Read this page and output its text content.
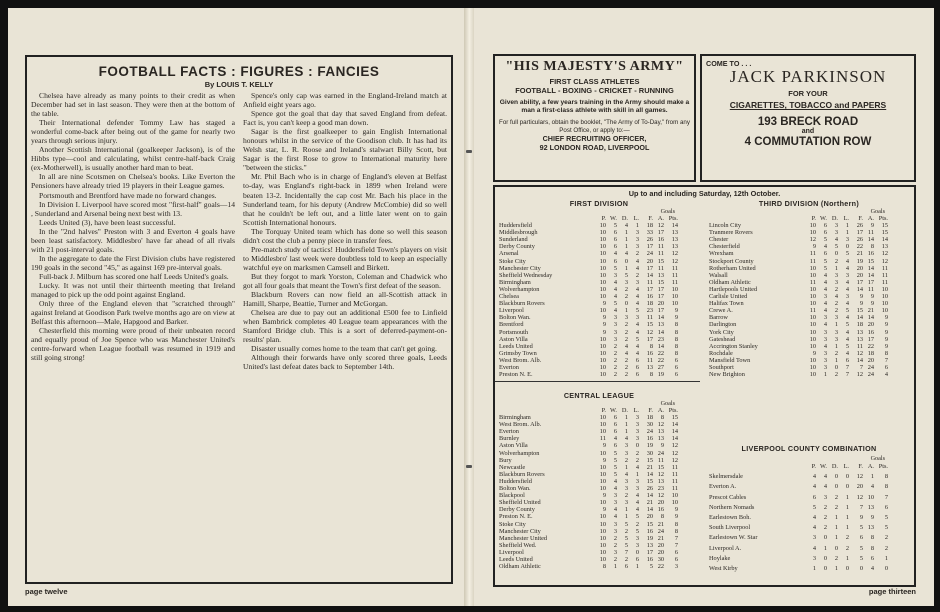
FOOTBALL FACTS : FIGURES : FANCIES
By LOUIS T. KELLY

Chelsea have already as many points to their credit as when December had set in last season. They were then at the bottom of the table.

Their International defender Tommy Law has staged a wonderful come-back after being out of the game for nearly two years through serious injury.

Another Scottish International (goalkeeper Jackson), is of the Hibbs type—cool and calculating, whilst centre-half-back Craig (ex-Motherwell), is usually another hard man to beat.

In all are nine Scotsmen on Chelsea's books. Like Everton the Pensioners have already tried 19 players in their League games.

Portsmouth and Brentford have made no forward changes.

In Division I. Liverpool have scored most "first-half" goals—14 , Sunderland and Arsenal being next best with 13.

Leeds United (3), have been least successful.

In the "2nd halves" Preston with 3 and Everton 4 goals have been least satisfactory. Middlesbro' have far ahead of all rivals with 21 post-interval goals.

In the aggregate to date the First Division clubs have registered 190 goals in the second "45," as against 169 pre-interval goals.

Full-back J. Milburn has scored one half Leeds United's goals.

Lucky. It was not until their thirteenth meeting that Ireland managed to pick up the odd point against England.

Only three of the England eleven that "scratched through" against Ireland at Goodison Park twelve months ago are on view at Belfast this afternoon—Male, Hapgood and Barker.

Chesterfield this morning were proud of their unbeaten record and equally proud of Joe Spence who was Manchester United's centre-forward when League football was resumed in 1919 and still going strong!

Spence's only cap was earned in the England-Ireland match at Anfield eight years ago.

Spence got the goal that day that saved England from defeat. Fact is, you can't keep a good man down.

Sagar is the first goalkeeper to gain English International honours whilst in the service of the Goodison club. It has had its Welsh star, L. R. Roose and Ireland's stalwart Billy Scott, but Sagar is the first Rose to grow to International maturity here "between the sticks."

Mr. Phil Bach who is in charge of England's eleven at Belfast to-day, was England's right-back in 1899 when Ireland were beaten 13-2. Incidentally the cap cost Mr. Bach his place in the Sunderland team, for his deputy (Andrew McCombie) did so well that he couldn't be left out, and a little later went on to gain Scottish International honours.

The Torquay United team which has done so well this season didn't cost the club a penny piece in transfer fees.

Pre-match study of tactics! Huddersfield Town's players on visit to Middlesbro' last week were doubtless told to keep an especially watchful eye on marksmen Camsell and Birkett.

But they forgot to mark Yorston, Coleman and Chadwick who got all four goals that meant the Town's first defeat of the season.

Blackburn Rovers can now field an all-Scottish attack in Hamill, Sharpe, Beattie, Turner and McGorgan.

Chelsea are due to pay out an additional £500 fee to Linfield when Bambrick completes 40 League team appearances with the Stamford Bridge club. This is a sort of deferred-payment-on-results' plan.

Disaster usually comes home to the team that can't get going.

Although their forwards have only scored three goals, Leeds United's last defeat dates back to September 14th.

page twelve
"HIS MAJESTY'S ARMY"
FIRST CLASS ATHLETES
FOOTBALL - BOXING - CRICKET - RUNNING
Given ability, a few years training in the Army should make a man a first-class athlete with skill in all games.
For full particulars, obtain the booklet, "The Army of To-Day," from any Post Office, or apply to:—
CHIEF RECRUITING OFFICER,
92 LONDON ROAD, LIVERPOOL
COME TO . . .
JACK PARKINSON
FOR YOUR
CIGARETTES, TOBACCO and PAPERS
193 BRECK ROAD
and
4 COMMUTATION ROW
Up to and including Saturday, 12th October.
FIRST DIVISION
Goals
	P.	W.	D.	L.	F.	A.	Pts.
Huddersfield	10	5	4	1	18	12	14
Middlesbrough	10	6	1	3	33	17	13
Sunderland	10	6	1	3	26	16	13
Derby County	10	6	1	3	17	11	13
Arsenal	10	4	4	2	24	11	12
Stoke City	10	6	0	4	20	15	12
Manchester City	10	5	1	4	17	11	11
Sheffield Wednesday	10	3	5	2	14	13	11
Birmingham	10	4	3	3	11	15	11
Wolverhampton	10	4	2	4	17	17	10
Chelsea	10	4	2	4	16	17	10
Blackburn Rovers	9	5	0	4	18	20	10
Liverpool	10	4	1	5	23	17	9
Bolton Wan.	9	3	3	3	11	14	9
Brentford	9	3	2	4	15	13	8
Portsmouth	9	3	2	4	12	14	8
Aston Villa	10	3	2	5	17	23	8
Leeds United	10	2	4	4	8	14	8
Grimsby Town	10	2	4	4	16	22	8
West Brom. Alb.	10	2	2	6	11	22	6
Everton	10	2	2	6	13	27	6
Preston N. E.	10	2	2	6	8	19	6
THIRD DIVISION (Northern)
Goals
	P.	W.	D.	L.	F.	A.	Pts.
Lincoln City	10	6	3	1	26	9	15
Tranmere Rovers	10	6	3	1	17	11	15
Chester	12	5	4	3	26	14	14
Chesterfield	9	4	5	0	22	8	13
Wrexham	11	6	0	5	21	16	12
Stockport County	11	5	2	4	19	15	12
Rotherham United	10	5	1	4	20	14	11
Walsall	10	4	3	3	20	14	11
Oldham Athletic	11	4	3	4	17	17	11
Hartlepools United	10	4	2	4	14	11	10
Carlisle United	10	3	4	3	9	9	10
Halifax Town	10	4	2	4	9	9	10
Crewe A.	11	4	2	5	15	21	10
Barrow	10	3	3	4	14	14	9
Darlington	10	4	1	5	18	20	9
York City	10	3	3	4	13	16	9
Gateshead	10	3	3	4	13	17	9
Accrington Stanley	10	4	1	5	11	22	9
Rochdale	9	3	2	4	12	18	8
Mansfield Town	10	3	1	6	14	20	7
Southport	10	3	0	7	7	24	6
New Brighton	10	1	2	7	12	24	4
CENTRAL LEAGUE
Goals
	P.	W.	D.	L.	F.	A.	Pts.
Birmingham	10	6	1	3	18	8	15
West Brom. Alb.	10	6	1	3	30	12	14
Everton	10	6	1	3	24	13	14
Burnley	11	4	4	3	16	13	14
Aston Villa	9	6	3	0	19	9	12
Wolverhampton	10	5	3	2	30	24	12
Bury	9	5	2	2	15	11	12
Newcastle	10	5	1	4	21	15	11
Blackburn Rovers	10	5	4	1	14	12	11
Huddersfield	10	4	3	3	15	13	11
Bolton Wan.	10	4	3	3	26	23	11
Blackpool	9	3	2	4	14	12	10
Sheffield United	10	3	3	4	21	20	10
Derby County	9	4	1	4	14	16	9
Preston N. E.	10	4	1	5	20	8	9
Stoke City	10	3	5	2	15	21	8
Manchester City	10	3	2	5	16	24	8
Manchester United	10	2	5	3	19	21	7
Sheffield Wed.	10	2	5	3	13	20	7
Liverpool	10	3	7	0	17	20	6
Leeds United	10	2	2	6	16	30	6
Oldham Athletic	8	1	6	1	5	22	3
LIVERPOOL COUNTY COMBINATION
Goals
	P.	W.	D.	L.	F.	A.	Pts.
Skelmersdale	4	4	0	0	12	1	8
Everton A.	4	4	0	0	20	4	8
Prescot Cables	6	3	2	1	12	10	7
Northern Nomads	5	2	2	1	7	13	6
Earlestown Boh.	4	2	1	1	9	9	5
South Liverpool	4	2	1	1	5	13	5
Earlestown W. Star	3	0	1	2	6	8	2
Liverpool A.	4	1	0	2	5	8	2
Hoylake	3	0	2	1	5	6	1
West Kirby	1	0	1	0	0	4	0
page thirteen
